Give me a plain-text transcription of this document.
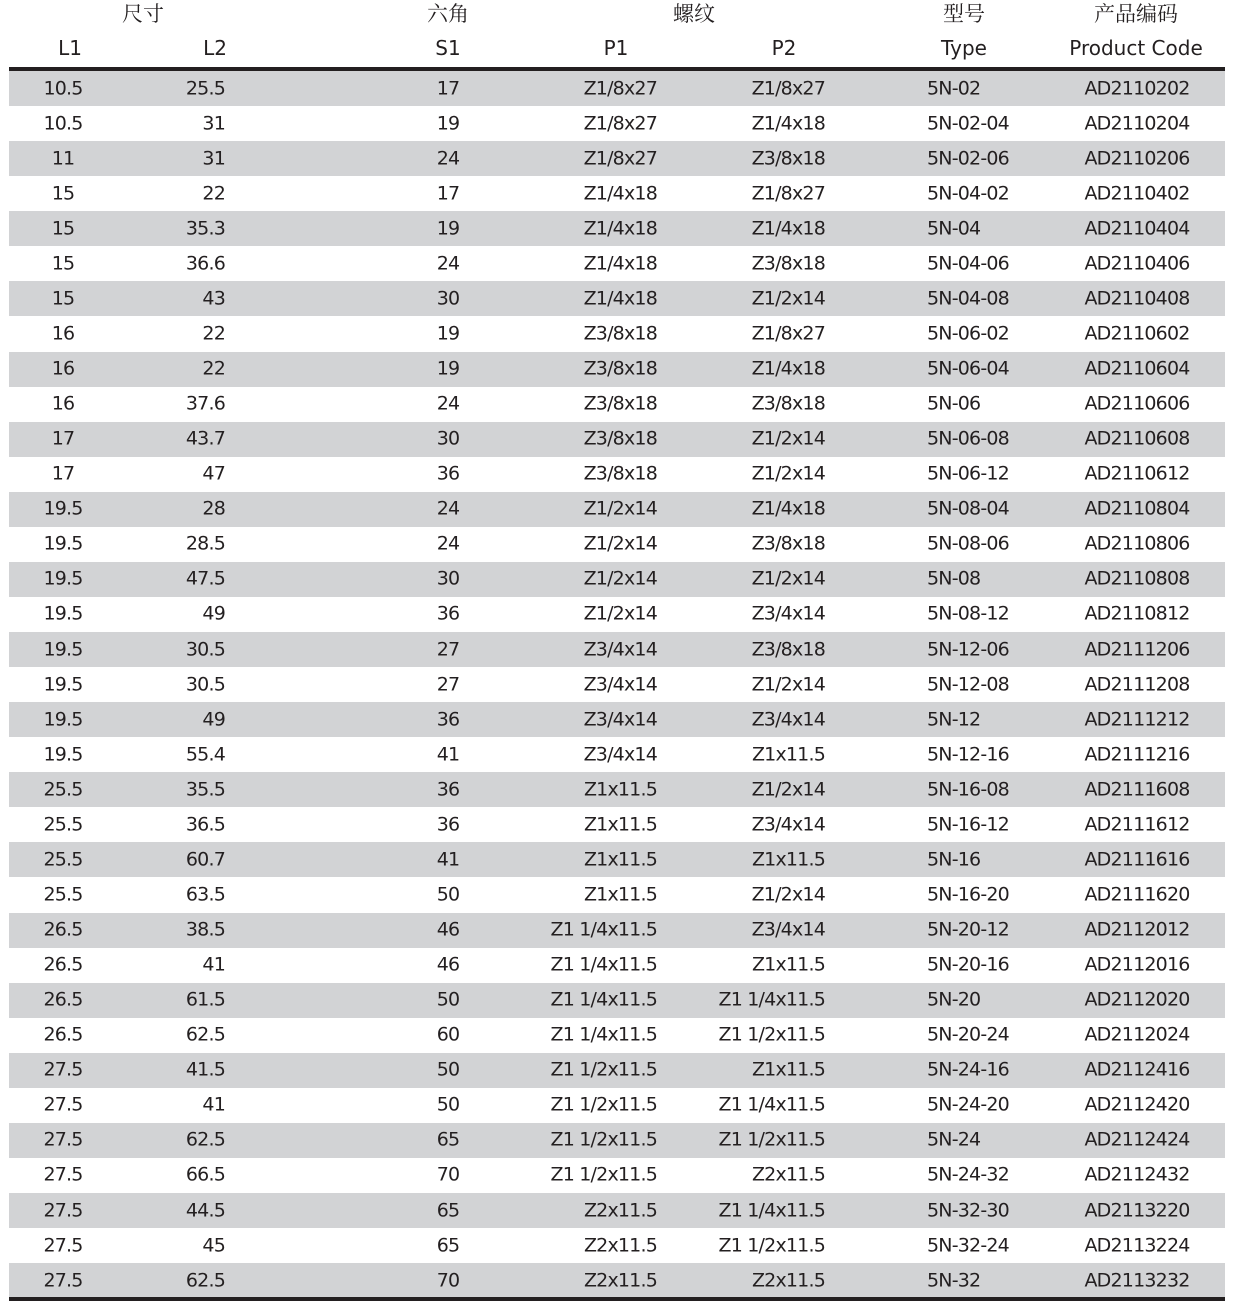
尺寸	六角	螺纹	型号	产品编码
L1	L2	S1	P1	P2	Type	Product Code
10.5	25.5	17	Z1/8x27	Z1/8x27	5N-02	AD2110202
10.5	31	19	Z1/8x27	Z1/4x18	5N-02-04	AD2110204
11	31	24	Z1/8x27	Z3/8x18	5N-02-06	AD2110206
15	22	17	Z1/4x18	Z1/8x27	5N-04-02	AD2110402
15	35.3	19	Z1/4x18	Z1/4x18	5N-04	AD2110404
15	36.6	24	Z1/4x18	Z3/8x18	5N-04-06	AD2110406
15	43	30	Z1/4x18	Z1/2x14	5N-04-08	AD2110408
16	22	19	Z3/8x18	Z1/8x27	5N-06-02	AD2110602
16	22	19	Z3/8x18	Z1/4x18	5N-06-04	AD2110604
16	37.6	24	Z3/8x18	Z3/8x18	5N-06	AD2110606
17	43.7	30	Z3/8x18	Z1/2x14	5N-06-08	AD2110608
17	47	36	Z3/8x18	Z1/2x14	5N-06-12	AD2110612
19.5	28	24	Z1/2x14	Z1/4x18	5N-08-04	AD2110804
19.5	28.5	24	Z1/2x14	Z3/8x18	5N-08-06	AD2110806
19.5	47.5	30	Z1/2x14	Z1/2x14	5N-08	AD2110808
19.5	49	36	Z1/2x14	Z3/4x14	5N-08-12	AD2110812
19.5	30.5	27	Z3/4x14	Z3/8x18	5N-12-06	AD2111206
19.5	30.5	27	Z3/4x14	Z1/2x14	5N-12-08	AD2111208
19.5	49	36	Z3/4x14	Z3/4x14	5N-12	AD2111212
19.5	55.4	41	Z3/4x14	Z1x11.5	5N-12-16	AD2111216
25.5	35.5	36	Z1x11.5	Z1/2x14	5N-16-08	AD2111608
25.5	36.5	36	Z1x11.5	Z3/4x14	5N-16-12	AD2111612
25.5	60.7	41	Z1x11.5	Z1x11.5	5N-16	AD2111616
25.5	63.5	50	Z1x11.5	Z1/2x14	5N-16-20	AD2111620
26.5	38.5	46	Z1 1/4x11.5	Z3/4x14	5N-20-12	AD2112012
26.5	41	46	Z1 1/4x11.5	Z1x11.5	5N-20-16	AD2112016
26.5	61.5	50	Z1 1/4x11.5	Z1 1/4x11.5	5N-20	AD2112020
26.5	62.5	60	Z1 1/4x11.5	Z1 1/2x11.5	5N-20-24	AD2112024
27.5	41.5	50	Z1 1/2x11.5	Z1x11.5	5N-24-16	AD2112416
27.5	41	50	Z1 1/2x11.5	Z1 1/4x11.5	5N-24-20	AD2112420
27.5	62.5	65	Z1 1/2x11.5	Z1 1/2x11.5	5N-24	AD2112424
27.5	66.5	70	Z1 1/2x11.5	Z2x11.5	5N-24-32	AD2112432
27.5	44.5	65	Z2x11.5	Z1 1/4x11.5	5N-32-30	AD2113220
27.5	45	65	Z2x11.5	Z1 1/2x11.5	5N-32-24	AD2113224
27.5	62.5	70	Z2x11.5	Z2x11.5	5N-32	AD2113232
